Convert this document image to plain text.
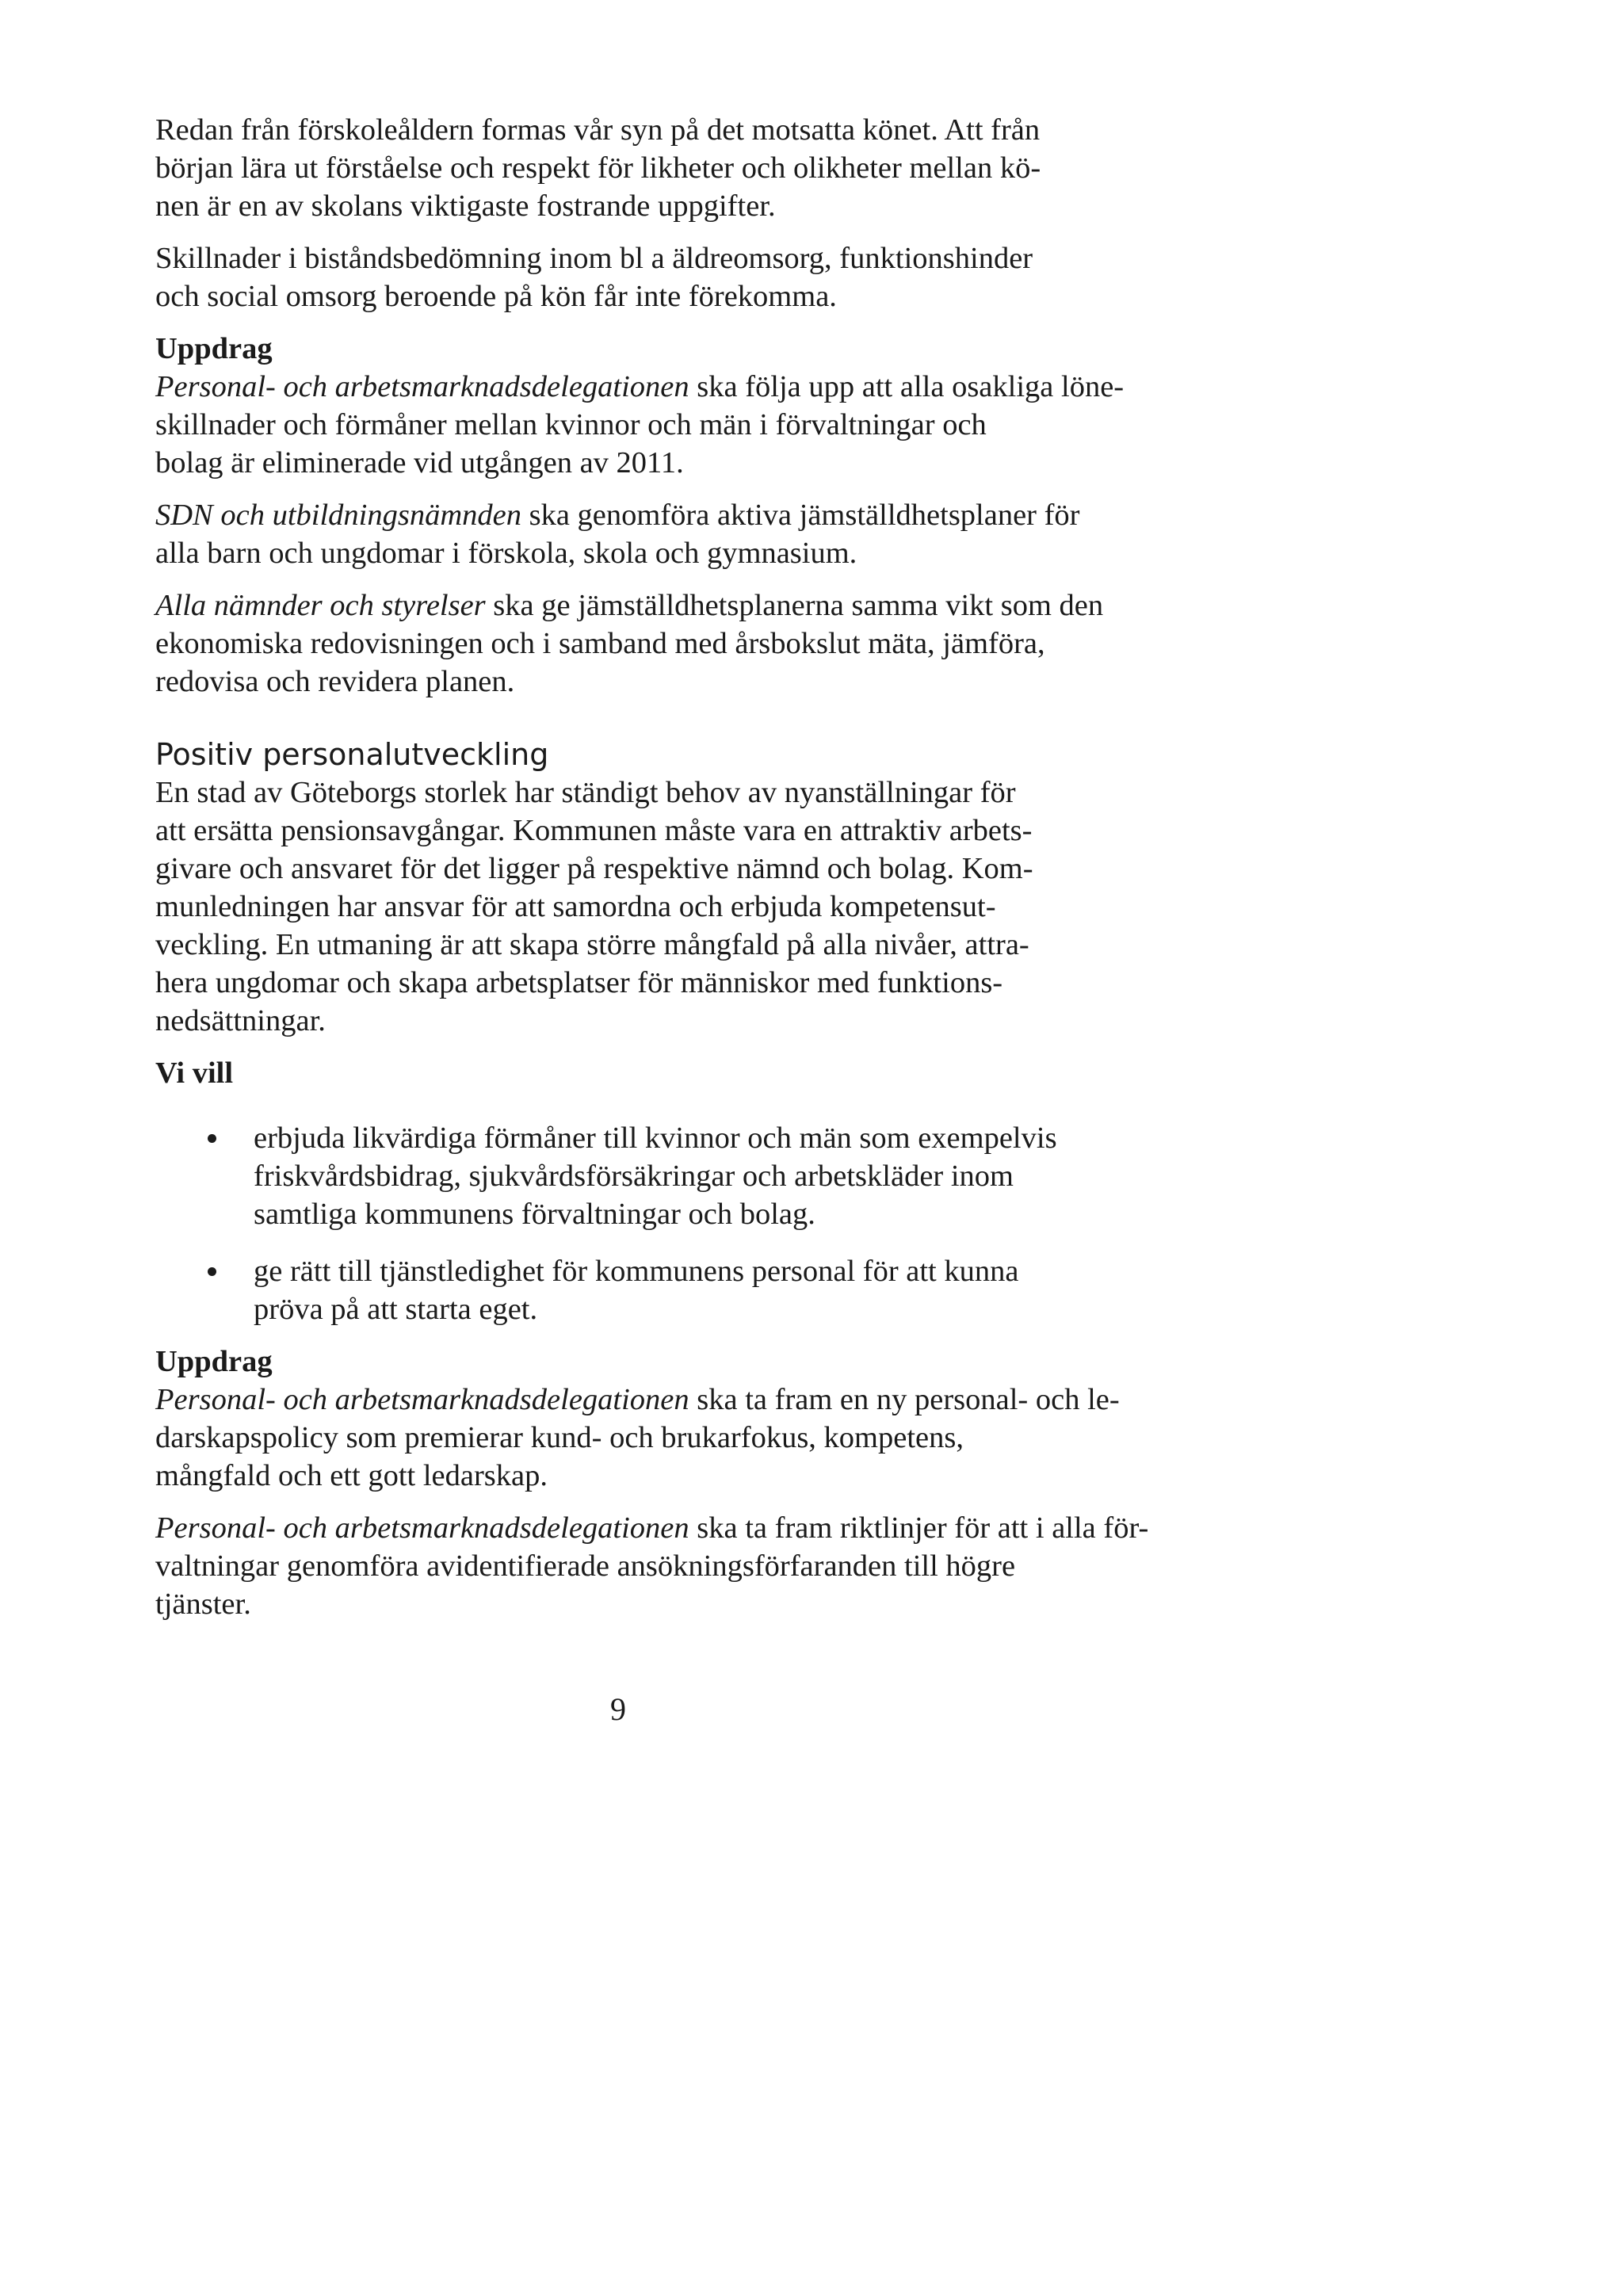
Redan från förskoleåldern formas vår syn på det motsatta könet. Att från
början lära ut förståelse och respekt för likheter och olikheter mellan kö-
nen är en av skolans viktigaste fostrande uppgifter.

Skillnader i biståndsbedömning inom bl a äldreomsorg, funktionshinder
och social omsorg beroende på kön får inte förekomma.

Uppdrag

Personal- och arbetsmarknadsdelegationen ska följa upp att alla osakliga löne-
skillnader och förmåner mellan kvinnor och män i förvaltningar och
bolag är eliminerade vid utgången av 2011.

SDN och utbildningsnämnden ska genomföra aktiva jämställdhetsplaner för
alla barn och ungdomar i förskola, skola och gymnasium.

Alla nämnder och styrelser ska ge jämställdhetsplanerna samma vikt som den
ekonomiska redovisningen och i samband med årsbokslut mäta, jämföra,
redovisa och revidera planen.

Positiv personalutveckling

En stad av Göteborgs storlek har ständigt behov av nyanställningar för
att ersätta pensionsavgångar. Kommunen måste vara en attraktiv arbets-
givare och ansvaret för det ligger på respektive nämnd och bolag. Kom-
munledningen har ansvar för att samordna och erbjuda kompetensut-
veckling. En utmaning är att skapa större mångfald på alla nivåer, attra-
hera ungdomar och skapa arbetsplatser för människor med funktions-
nedsättningar.

Vi vill
erbjuda likvärdiga förmåner till kvinnor och män som exempelvis
friskvårdsbidrag, sjukvårdsförsäkringar och arbetskläder inom
samtliga kommunens förvaltningar och bolag.
ge rätt till tjänstledighet för kommunens personal för att kunna
pröva på att starta eget.
Uppdrag

Personal- och arbetsmarknadsdelegationen ska ta fram en ny personal- och le-
darskapspolicy som premierar kund- och brukarfokus, kompetens,
mångfald och ett gott ledarskap.

Personal- och arbetsmarknadsdelegationen ska ta fram riktlinjer för att i alla för-
valtningar genomföra avidentifierade ansökningsförfaranden till högre
tjänster.

9
